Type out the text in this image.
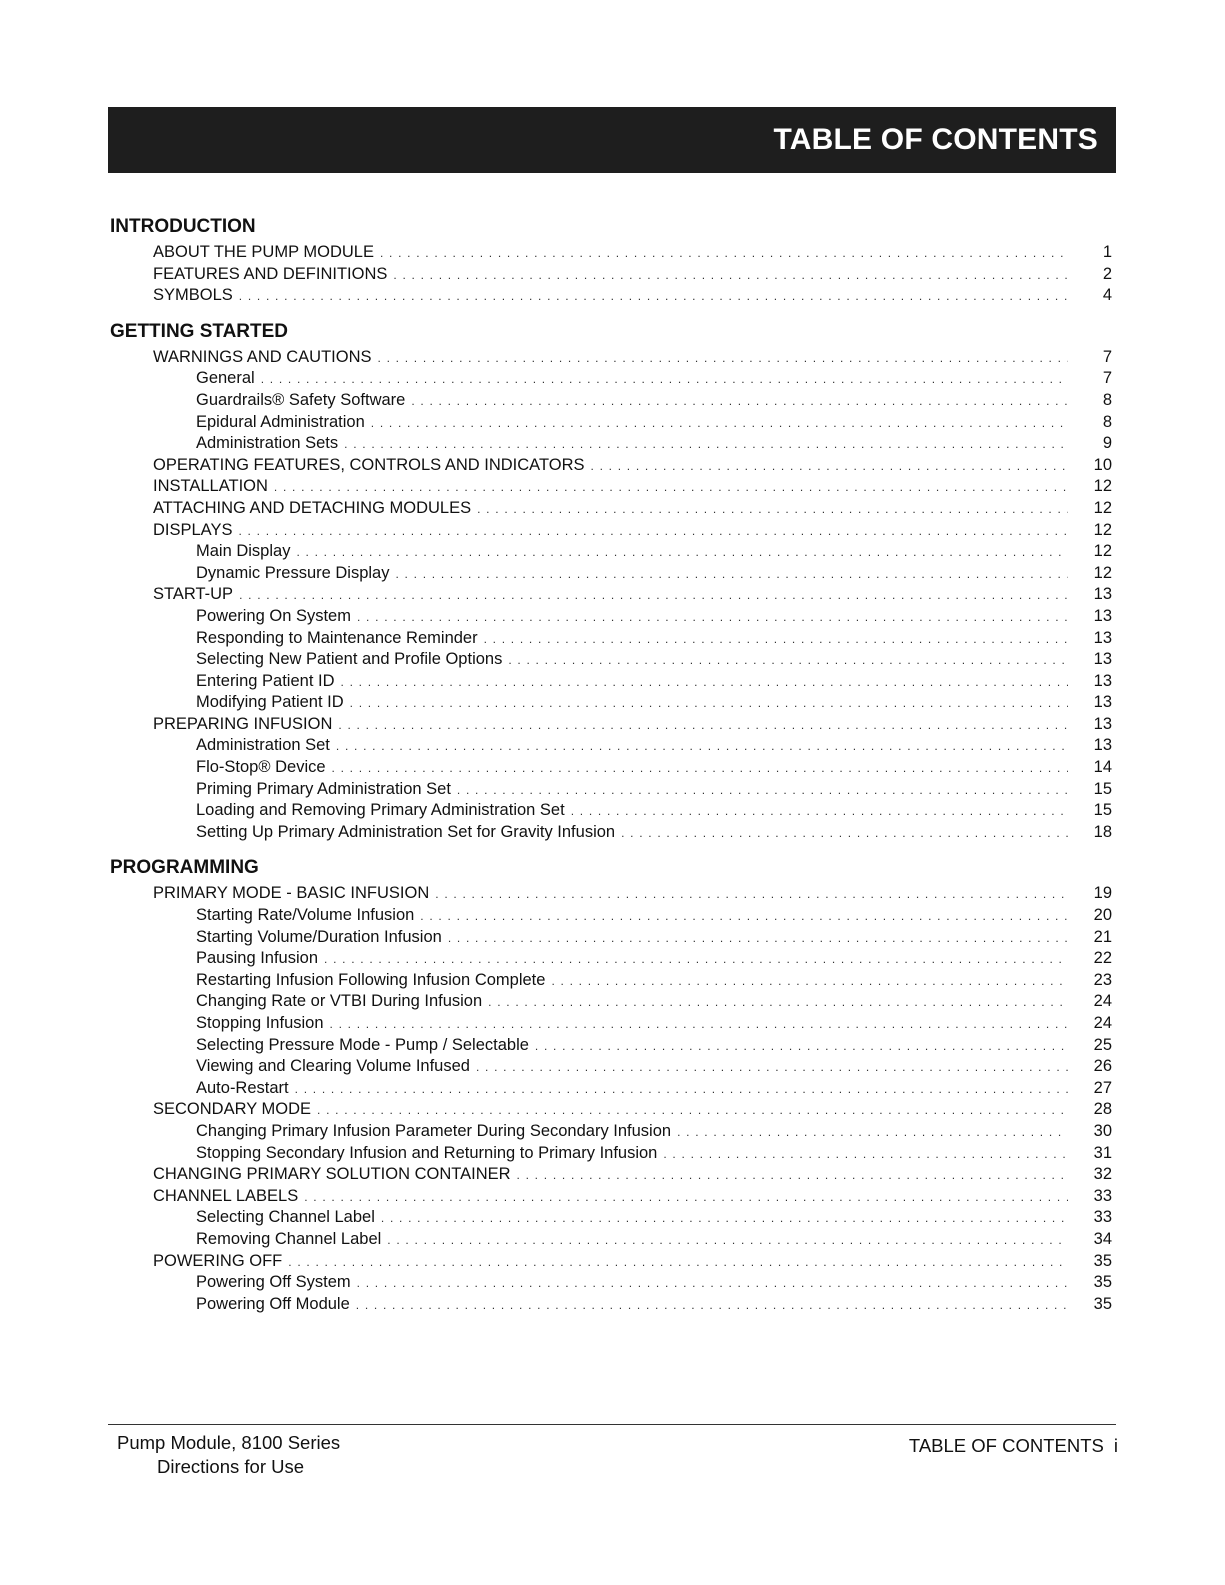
TABLE OF CONTENTS
INTRODUCTION
ABOUT THE PUMP MODULE . . .	1
FEATURES AND DEFINITIONS . . .	2
SYMBOLS . . .	4
GETTING STARTED
WARNINGS AND CAUTIONS . . .	7
General . . .	7
Guardrails® Safety Software . . .	8
Epidural Administration . . .	8
Administration Sets . . .	9
OPERATING FEATURES, CONTROLS AND INDICATORS . . .	10
INSTALLATION . . .	12
ATTACHING AND DETACHING MODULES . . .	12
DISPLAYS . . .	12
Main Display . . .	12
Dynamic Pressure Display . . .	12
START-UP . . .	13
Powering On System . . .	13
Responding to Maintenance Reminder . . .	13
Selecting New Patient and Profile Options . . .	13
Entering Patient ID . . .	13
Modifying Patient ID . . .	13
PREPARING INFUSION . . .	13
Administration Set . . .	13
Flo-Stop® Device . . .	14
Priming Primary Administration Set . . .	15
Loading and Removing Primary Administration Set . . .	15
Setting Up Primary Administration Set for Gravity Infusion . . .	18
PROGRAMMING
PRIMARY MODE - BASIC INFUSION . . .	19
Starting Rate/Volume Infusion . . .	20
Starting Volume/Duration Infusion . . .	21
Pausing Infusion . . .	22
Restarting Infusion Following Infusion Complete . . .	23
Changing Rate or VTBI During Infusion . . .	24
Stopping Infusion . . .	24
Selecting Pressure Mode - Pump / Selectable . . .	25
Viewing and Clearing Volume Infused . . .	26
Auto-Restart . . .	27
SECONDARY MODE . . .	28
Changing Primary Infusion Parameter During Secondary Infusion . . .	30
Stopping Secondary Infusion and Returning to Primary Infusion . . .	31
CHANGING PRIMARY SOLUTION CONTAINER . . .	32
CHANNEL LABELS . . .	33
Selecting Channel Label . . .	33
Removing Channel Label . . .	34
POWERING OFF . . .	35
Powering Off System . . .	35
Powering Off Module . . .	35
Pump Module, 8100 Series
Directions for Use
TABLE OF CONTENTS i
